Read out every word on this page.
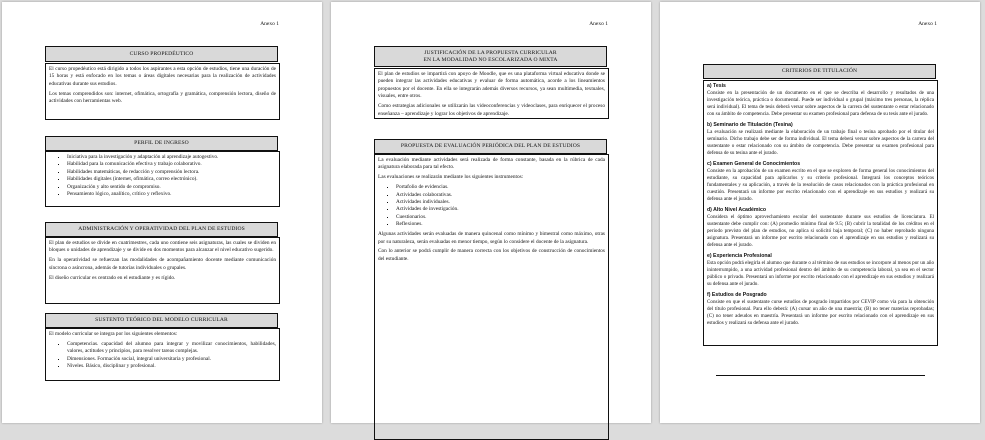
Anexo 1
CURSO PROPEDÉUTICO

El curso propedéutico está dirigido a todos los aspirantes a esta opción de estudios, tiene una duración de 15 horas y está enfocado en los temas o áreas digitales necesarias para la realización de actividades educativas durante sus estudios.

Los temas comprendidos son: internet, ofimática, ortografía y gramática, comprensión lectora, diseño de actividades con herramientas web.

PERFIL DE INGRESO
▪ Iniciativa para la investigación y adaptación al aprendizaje autogestivo.
▪ Habilidad para la comunicación efectiva y trabajo colaborativo.
▪ Habilidades matemáticas, de redacción y comprensión lectora.
▪ Habilidades digitales (internet, ofimática, correo electrónico).
▪ Organización y alto sentido de compromiso.
▪ Pensamiento lógico, analítico, crítico y reflexivo.
ADMINISTRACIÓN Y OPERATIVIDAD DEL PLAN DE ESTUDIOS

El plan de estudios se divide en cuatrimestres, cada uno contiene seis asignaturas, las cuales se dividen en bloques o unidades de aprendizaje y se divide en dos momentos para alcanzar el nivel educativo sugerido.

En la operatividad se refuerzan las modalidades de acompañamiento docente mediante comunicación síncrona o asíncrona, además de tutorías individuales o grupales.

El diseño curricular es centrado en el estudiante y es rígido.

SUSTENTO TEÓRICO DEL MODELO CURRICULAR

El modelo curricular se integra por los siguientes elementos:

▪ Competencias. capacidad del alumno para integrar y movilizar conocimientos, habilidades, valores, actitudes y principios, para resolver tareas complejas.
▪ Dimensiones. Formación social, integral universitaria y profesional.
▪ Niveles. Básico, disciplinar y profesional.
Anexo 1
JUSTIFICACIÓN DE LA PROPUESTA CURRICULAR
EN LA MODALIDAD NO ESCOLARIZADA O MIXTA

El plan de estudios se impartirá con apoyo de Moodle, que es una plataforma virtual educativa donde se pueden integrar las actividades educativas y evaluar de forma automática, acorde a los lineamientos propuestos por el docente. En ella se integrarán además diversos recursos, ya sean multimedia, textuales, visuales, entre otros.

Como estrategias adicionales se utilizarán las videoconferencias y videoclases, para enriquecer el proceso enseñanza – aprendizaje y lograr los objetivos de aprendizaje.

PROPUESTA DE EVALUACIÓN PERIÓDICA DEL PLAN DE ESTUDIOS

La evaluación mediante actividades será realizada de forma constante, basada en la rúbrica de cada asignatura elaborada para tal efecto.

Las evaluaciones se realizarán mediante los siguientes instrumentos:

▪ Portafolio de evidencias.
▪ Actividades colaborativas.
▪ Actividades individuales.
▪ Actividades de investigación.
▪ Cuestionarios.
▪ Reflexiones.

Algunas actividades serán evaluadas de manera quincenal como mínimo y bimestral como máximo, otras por su naturaleza, serán evaluadas en menor tiempo, según lo considere el docente de la asignatura.

Con lo anterior se podrá cumplir de manera correcta con los objetivos de construcción de conocimientos del estudiante.

Anexo 1
CRITERIOS DE TITULACIÓN
a) Tesis
Consiste en la presentación de un documento en el que se describa el desarrollo y resultados de una investigación teórica, práctica o documental. Puede ser individual o grupal (máximo tres personas, la réplica será individual). El tema de tesis deberá versar sobre aspectos de la carrera del sustentante o estar relacionado con su ámbito de competencia. Debe presentar su examen profesional para defensa de su tesis ante el jurado.
b) Seminario de Titulación (Tesina)
La evaluación se realizará mediante la elaboración de un trabajo final o tesina aprobado por el titular del seminario. Dicho trabajo debe ser de forma individual. El tema deberá versar sobre aspectos de la carrera del sustentante o estar relacionado con su ámbito de competencia. Debe presentar su examen profesional para defensa de su tesina ante el jurado.
c) Examen General de Conocimientos
Consiste en la aprobación de un examen escrito en el que se exploren de forma general los conocimientos del estudiante, su capacidad para aplicarlos y su criterio profesional. Integrará los conceptos teóricos fundamentales y su aplicación, a través de la resolución de casos relacionados con la práctica profesional en cuestión. Presentará un informe por escrito relacionado con el aprendizaje en sus estudios y realizará su defensa ante el jurado.
d) Alto Nivel Académico
Considera el óptimo aprovechamiento escolar del sustentante durante sus estudios de licenciatura. El sustentante debe cumplir con: (A) promedio mínimo final de 9.5; (B) cubrir la totalidad de los créditos en el periodo previsto del plan de estudios, no aplica si solicitó baja temporal; (C) no haber reprobado ninguna asignatura. Presentará un informe por escrito relacionado con el aprendizaje en sus estudios y realizará su defensa ante el jurado.
e) Experiencia Profesional
Esta opción podrá elegirla el alumno que durante o al término de sus estudios se incorpore al menos por un año ininterrumpido, a una actividad profesional dentro del ámbito de su competencia laboral, ya sea en el sector público o privado. Presentará un informe por escrito relacionado con el aprendizaje en sus estudios y realizará su defensa ante el jurado.
f) Estudios de Posgrado
Consiste en que el sustentante curse estudios de posgrado impartidos por CEVIP como vía para la obtención del título profesional. Para ello deberá: (A) cursar un año de una maestría; (B) no tener materias reprobadas; (C) no tener adeudos en maestría. Presentará un informe por escrito relacionado con el aprendizaje en sus estudios y realizará su defensa ante el jurado.
